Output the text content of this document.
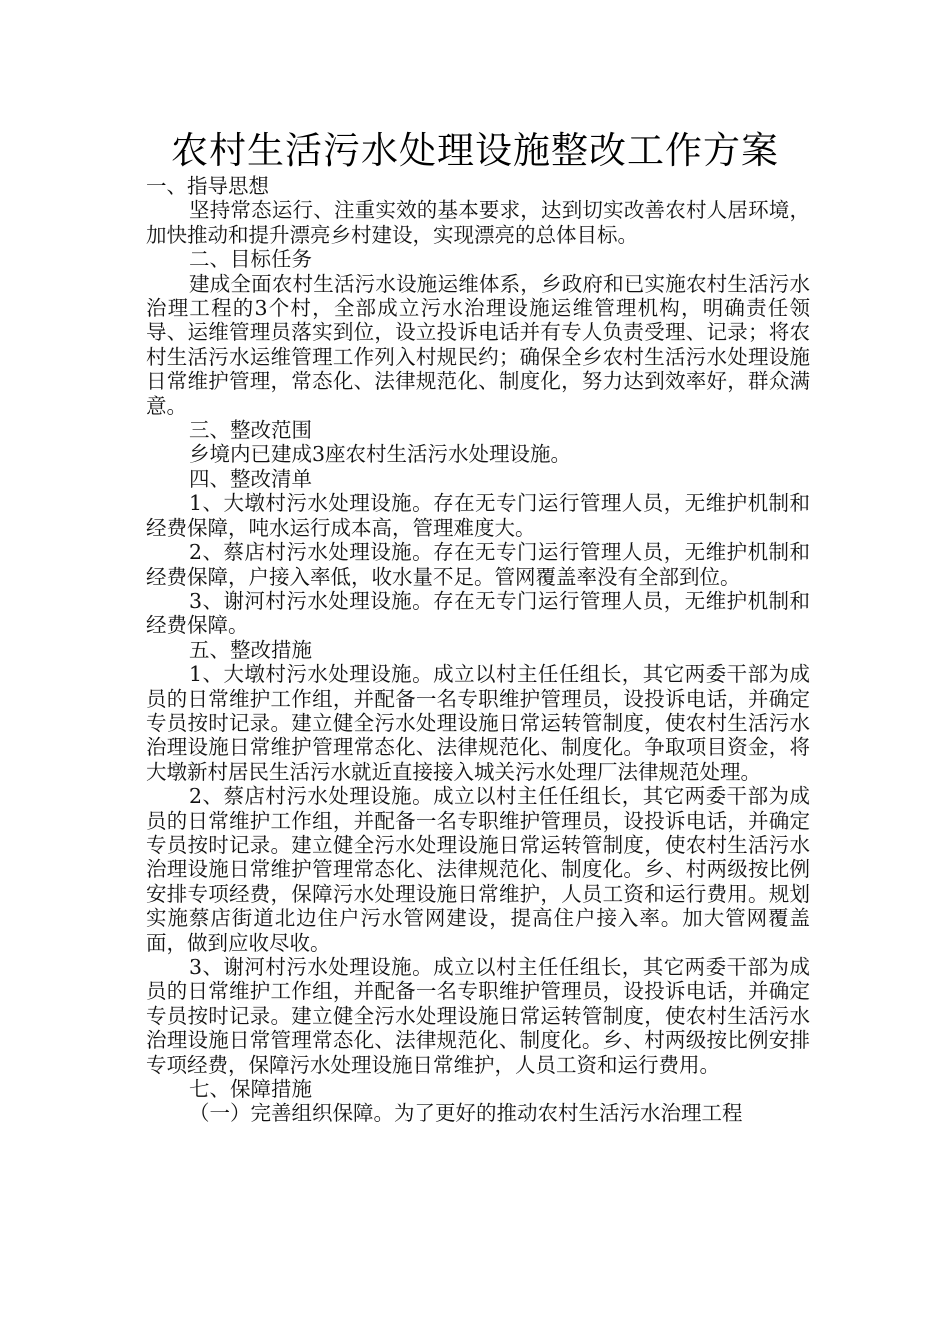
农村生活污水处理设施整改工作方案

一、指导思想

坚持常态运行、注重实效的基本要求，达到切实改善农村人居环境，加快推动和提升漂亮乡村建设，实现漂亮的总体目标。

二、目标任务

建成全面农村生活污水设施运维体系，乡政府和已实施农村生活污水治理工程的3个村，全部成立污水治理设施运维管理机构，明确责任领导、运维管理员落实到位，设立投诉电话并有专人负责受理、记录；将农村生活污水运维管理工作列入村规民约；确保全乡农村生活污水处理设施日常维护管理，常态化、法律规范化、制度化，努力达到效率好，群众满意。

三、整改范围

乡境内已建成3座农村生活污水处理设施。

四、整改清单

1、大墩村污水处理设施。存在无专门运行管理人员，无维护机制和经费保障，吨水运行成本高，管理难度大。

2、蔡店村污水处理设施。存在无专门运行管理人员，无维护机制和经费保障，户接入率低，收水量不足。管网覆盖率没有全部到位。

3、谢河村污水处理设施。存在无专门运行管理人员，无维护机制和经费保障。

五、整改措施

1、大墩村污水处理设施。成立以村主任任组长，其它两委干部为成员的日常维护工作组，并配备一名专职维护管理员，设投诉电话，并确定专员按时记录。建立健全污水处理设施日常运转管制度，使农村生活污水治理设施日常维护管理常态化、法律规范化、制度化。争取项目资金，将大墩新村居民生活污水就近直接接入城关污水处理厂法律规范处理。

2、蔡店村污水处理设施。成立以村主任任组长，其它两委干部为成员的日常维护工作组，并配备一名专职维护管理员，设投诉电话，并确定专员按时记录。建立健全污水处理设施日常运转管制度，使农村生活污水治理设施日常维护管理常态化、法律规范化、制度化。乡、村两级按比例安排专项经费，保障污水处理设施日常维护，人员工资和运行费用。规划实施蔡店街道北边住户污水管网建设，提高住户接入率。加大管网覆盖面，做到应收尽收。

3、谢河村污水处理设施。成立以村主任任组长，其它两委干部为成员的日常维护工作组，并配备一名专职维护管理员，设投诉电话，并确定专员按时记录。建立健全污水处理设施日常运转管制度，使农村生活污水治理设施日常管理常态化、法律规范化、制度化。乡、村两级按比例安排专项经费，保障污水处理设施日常维护，人员工资和运行费用。

七、保障措施

（一）完善组织保障。为了更好的推动农村生活污水治理工程
